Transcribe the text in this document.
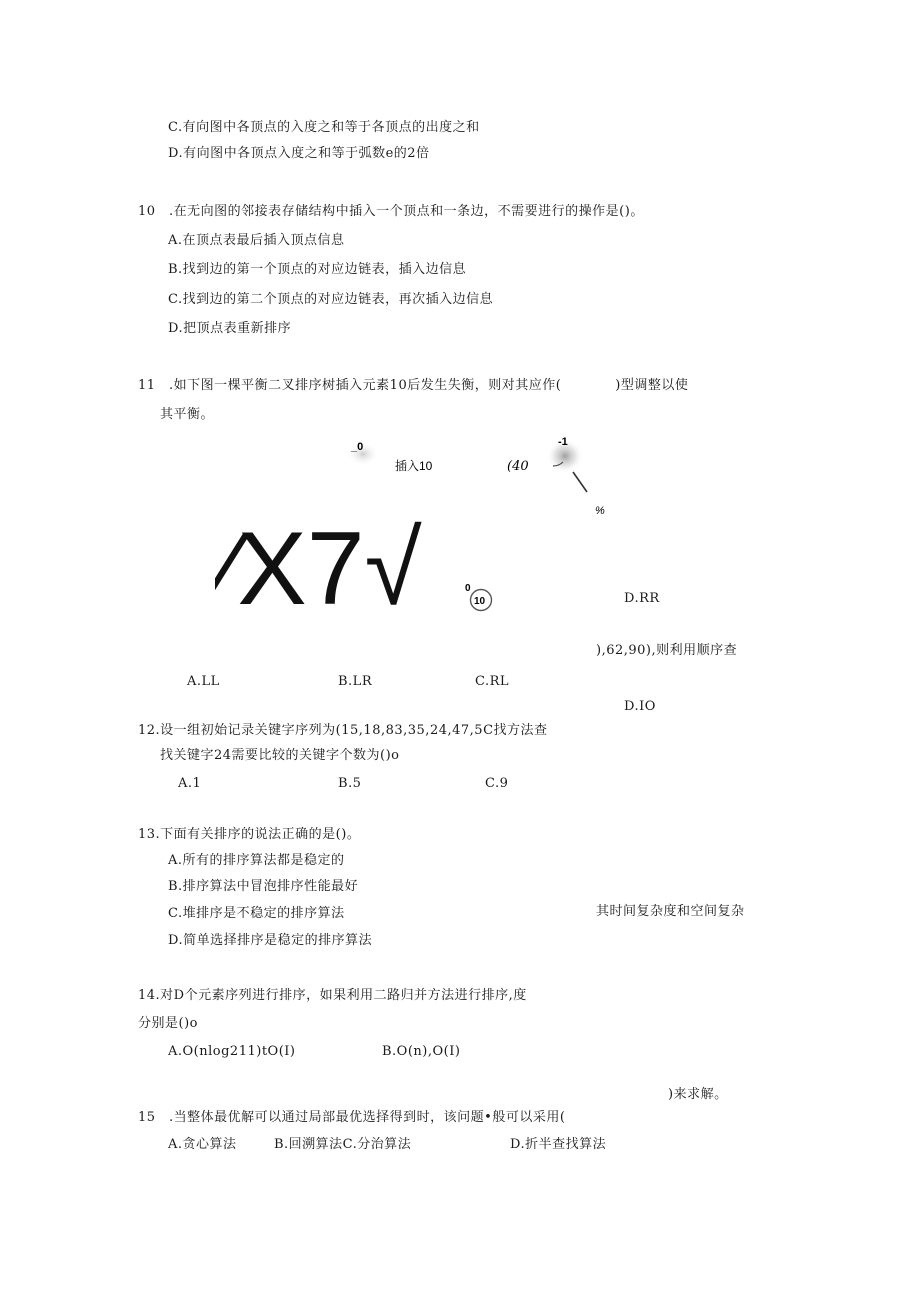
C.有向图中各顶点的入度之和等于各顶点的出度之和
D.有向图中各顶点入度之和等于弧数e的2倍
10　.在无向图的邻接表存储结构中插入一个顶点和一条边，不需要进行的操作是()。
A.在顶点表最后插入顶点信息
B.找到边的第一个顶点的对应边链表，插入边信息
C.找到边的第二个顶点的对应边链表，再次插入边信息
D.把顶点表重新排序
11　.如下图一棵平衡二叉排序树插入元素10后发生失衡，则对其应作(　　　　)型调整以使
其平衡。
_0
插入10	(40
-1
%
∕X7√	0
10	D.RR
),62,90),则利用顺序查
A.LL	B.LR	C.RL
D.IO
12.设一组初始记录关键字序列为(15,18,83,35,24,47,5C找方法查
找关键字24需要比较的关键字个数为()o
A.1	B.5	C.9
13.下面有关排序的说法正确的是()。
A.所有的排序算法都是稳定的
B.排序算法中冒泡排序性能最好
C.堆排序是不稳定的排序算法	其时间复杂度和空间复杂
D.简单选择排序是稳定的排序算法
14.对D个元素序列进行排序，如果利用二路归并方法进行排序,度
分别是()o
A.O(nlog211)tO(I)	B.O(n),O(I)
)来求解。
15　.当整体最优解可以通过局部最优选择得到时，该问题•般可以采用(
A.贪心算法	B.回溯算法C.分治算法	D.折半查找算法
